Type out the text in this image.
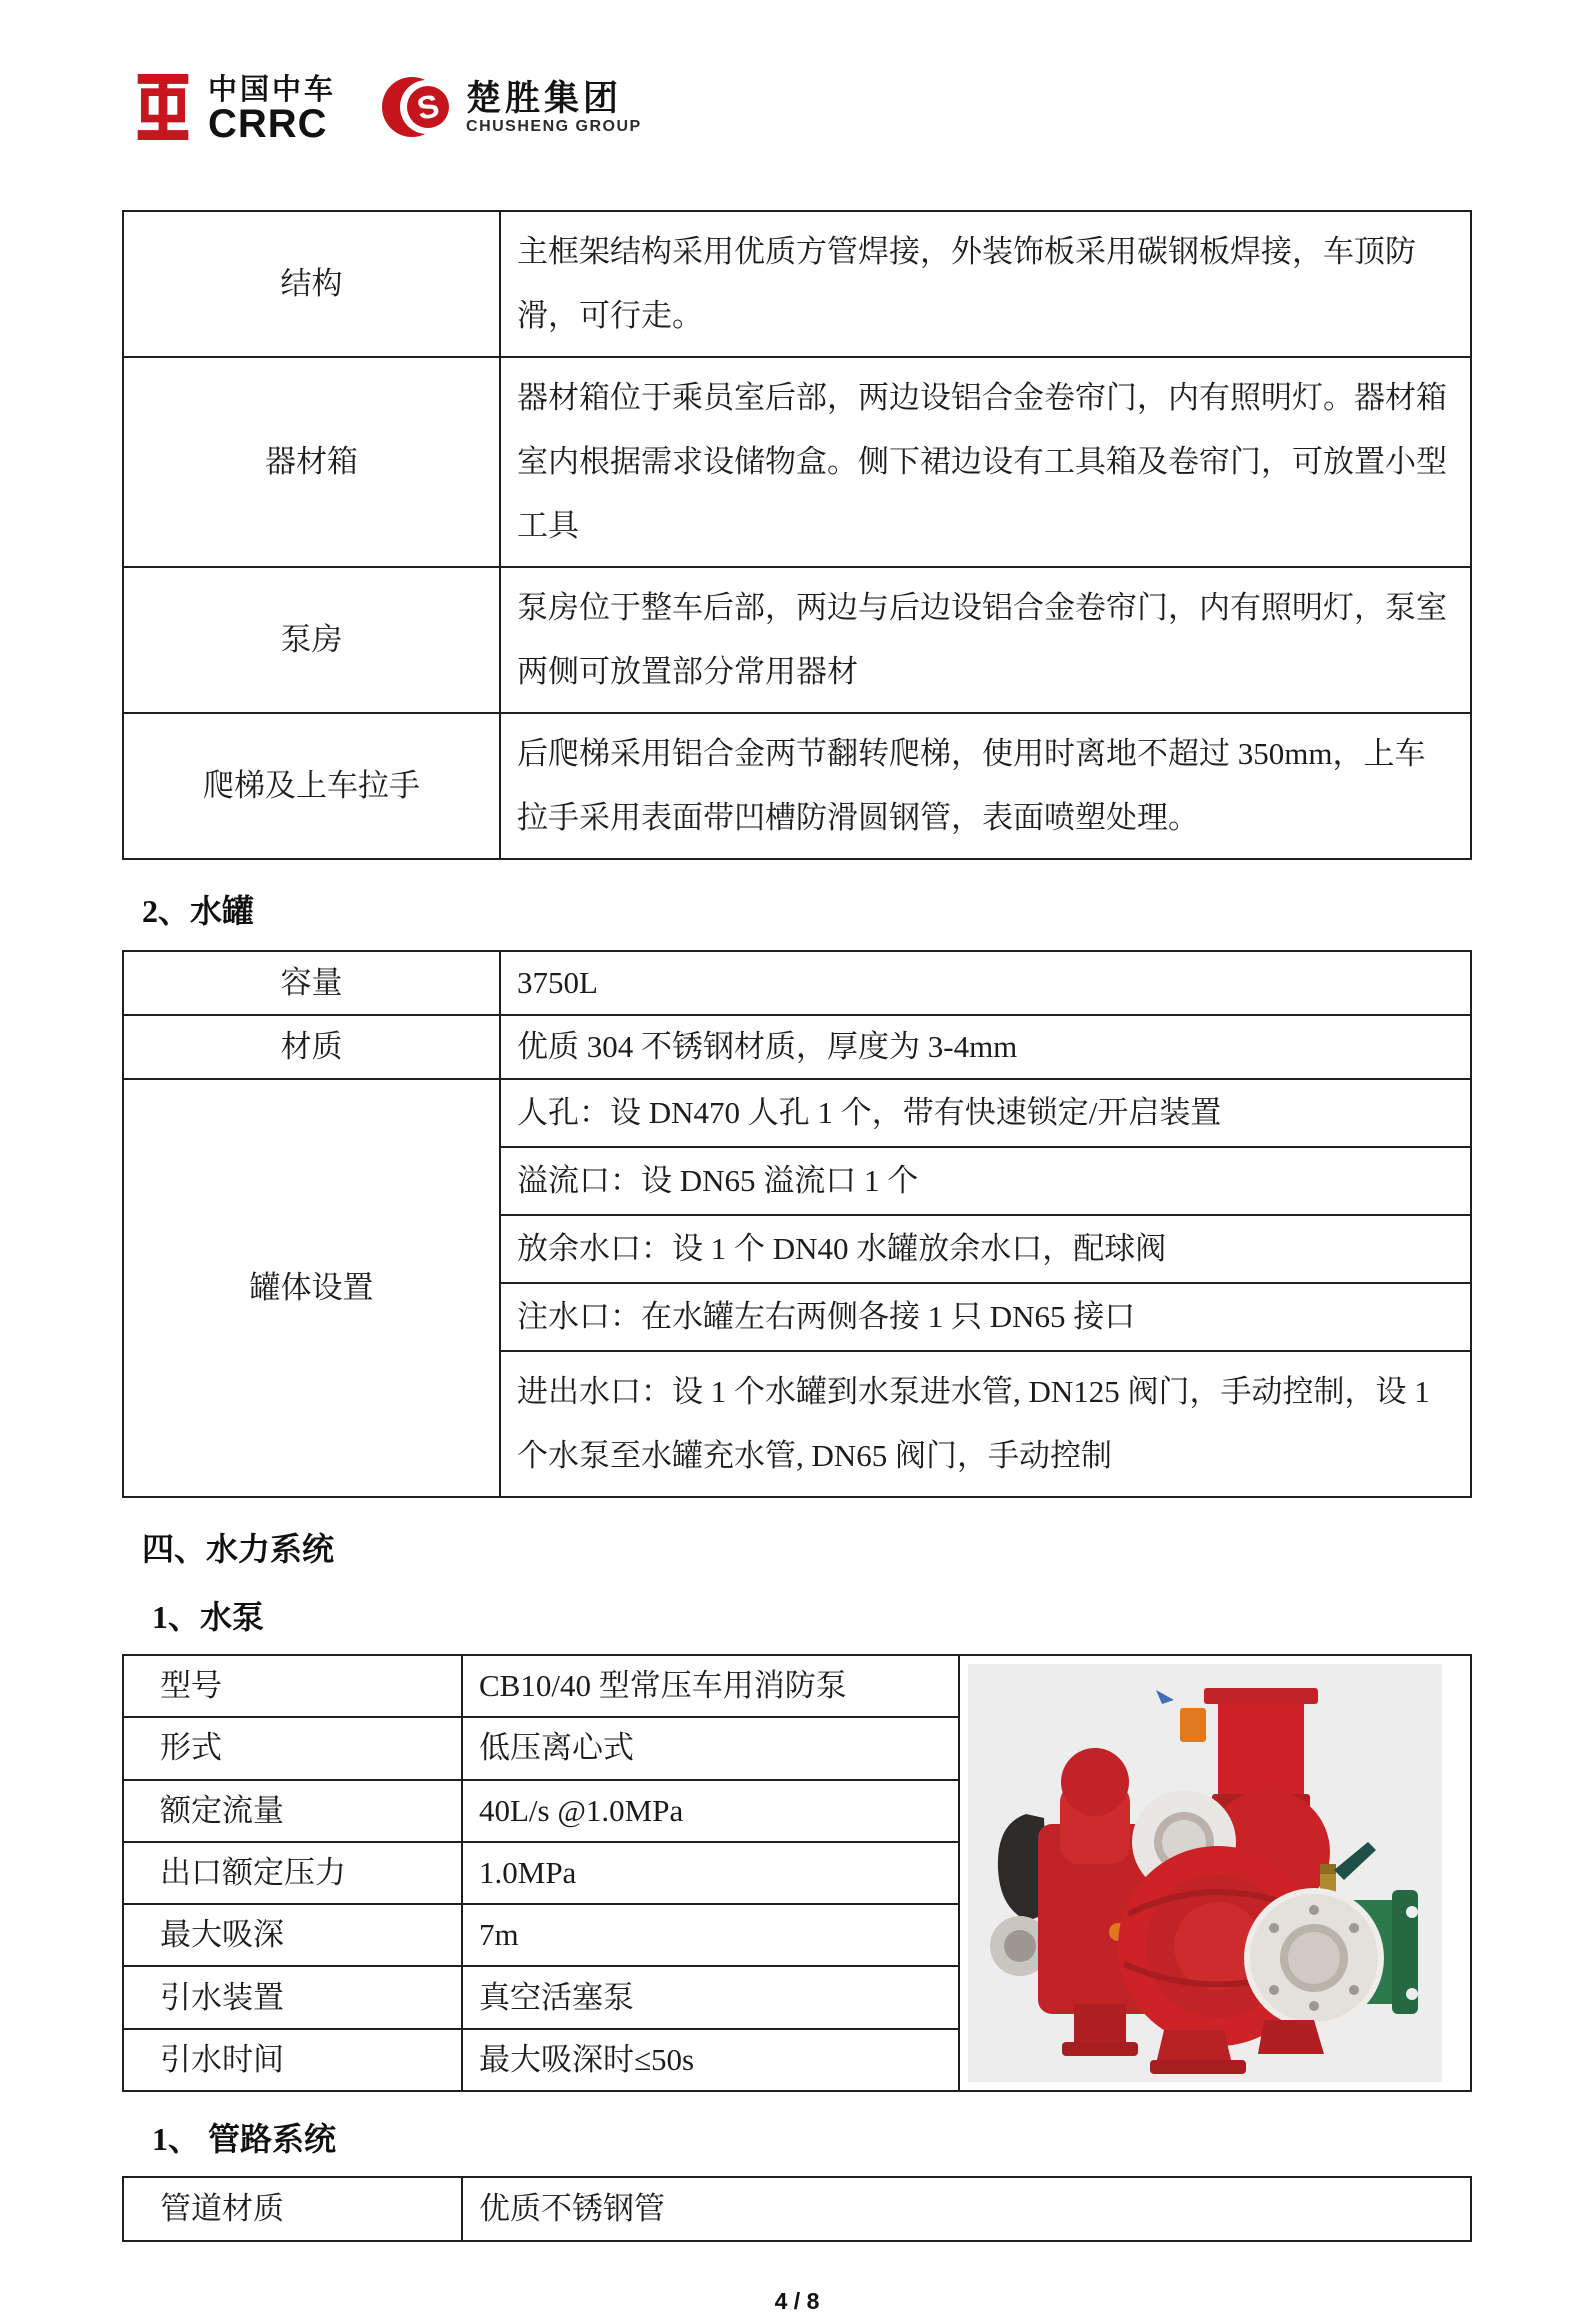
中国中车
CRRC	S 楚胜集团
CHUSHENG GROUP
结构	主框架结构采用优质方管焊接，外装饰板采用碳钢板焊接，车顶防滑，可行走。
器材箱	器材箱位于乘员室后部，两边设铝合金卷帘门，内有照明灯。器材箱室内根据需求设储物盒。侧下裙边设有工具箱及卷帘门，可放置小型工具
泵房	泵房位于整车后部，两边与后边设铝合金卷帘门，内有照明灯，泵室两侧可放置部分常用器材
爬梯及上车拉手	后爬梯采用铝合金两节翻转爬梯，使用时离地不超过 350mm，上车拉手采用表面带凹槽防滑圆钢管，表面喷塑处理。
2、水罐
容量	3750L
材质	优质 304 不锈钢材质，厚度为 3-4mm
罐体设置	人孔：设 DN470 人孔 1 个，带有快速锁定/开启装置
	溢流口：设 DN65 溢流口 1 个
	放余水口：设 1 个 DN40 水罐放余水口，配球阀
	注水口：在水罐左右两侧各接 1 只 DN65 接口
	进出水口：设 1 个水罐到水泵进水管, DN125 阀门，手动控制，设 1 个水泵至水罐充水管, DN65 阀门，手动控制
四、水力系统
1、水泵
型号	CB10/40 型常压车用消防泵	

形式	低压离心式	
额定流量	40L/s @1.0MPa	
出口额定压力	1.0MPa	
最大吸深	7m	
引水装置	真空活塞泵	
引水时间	最大吸深时≤50s	
1、 管路系统
管道材质	优质不锈钢管
4 / 8
